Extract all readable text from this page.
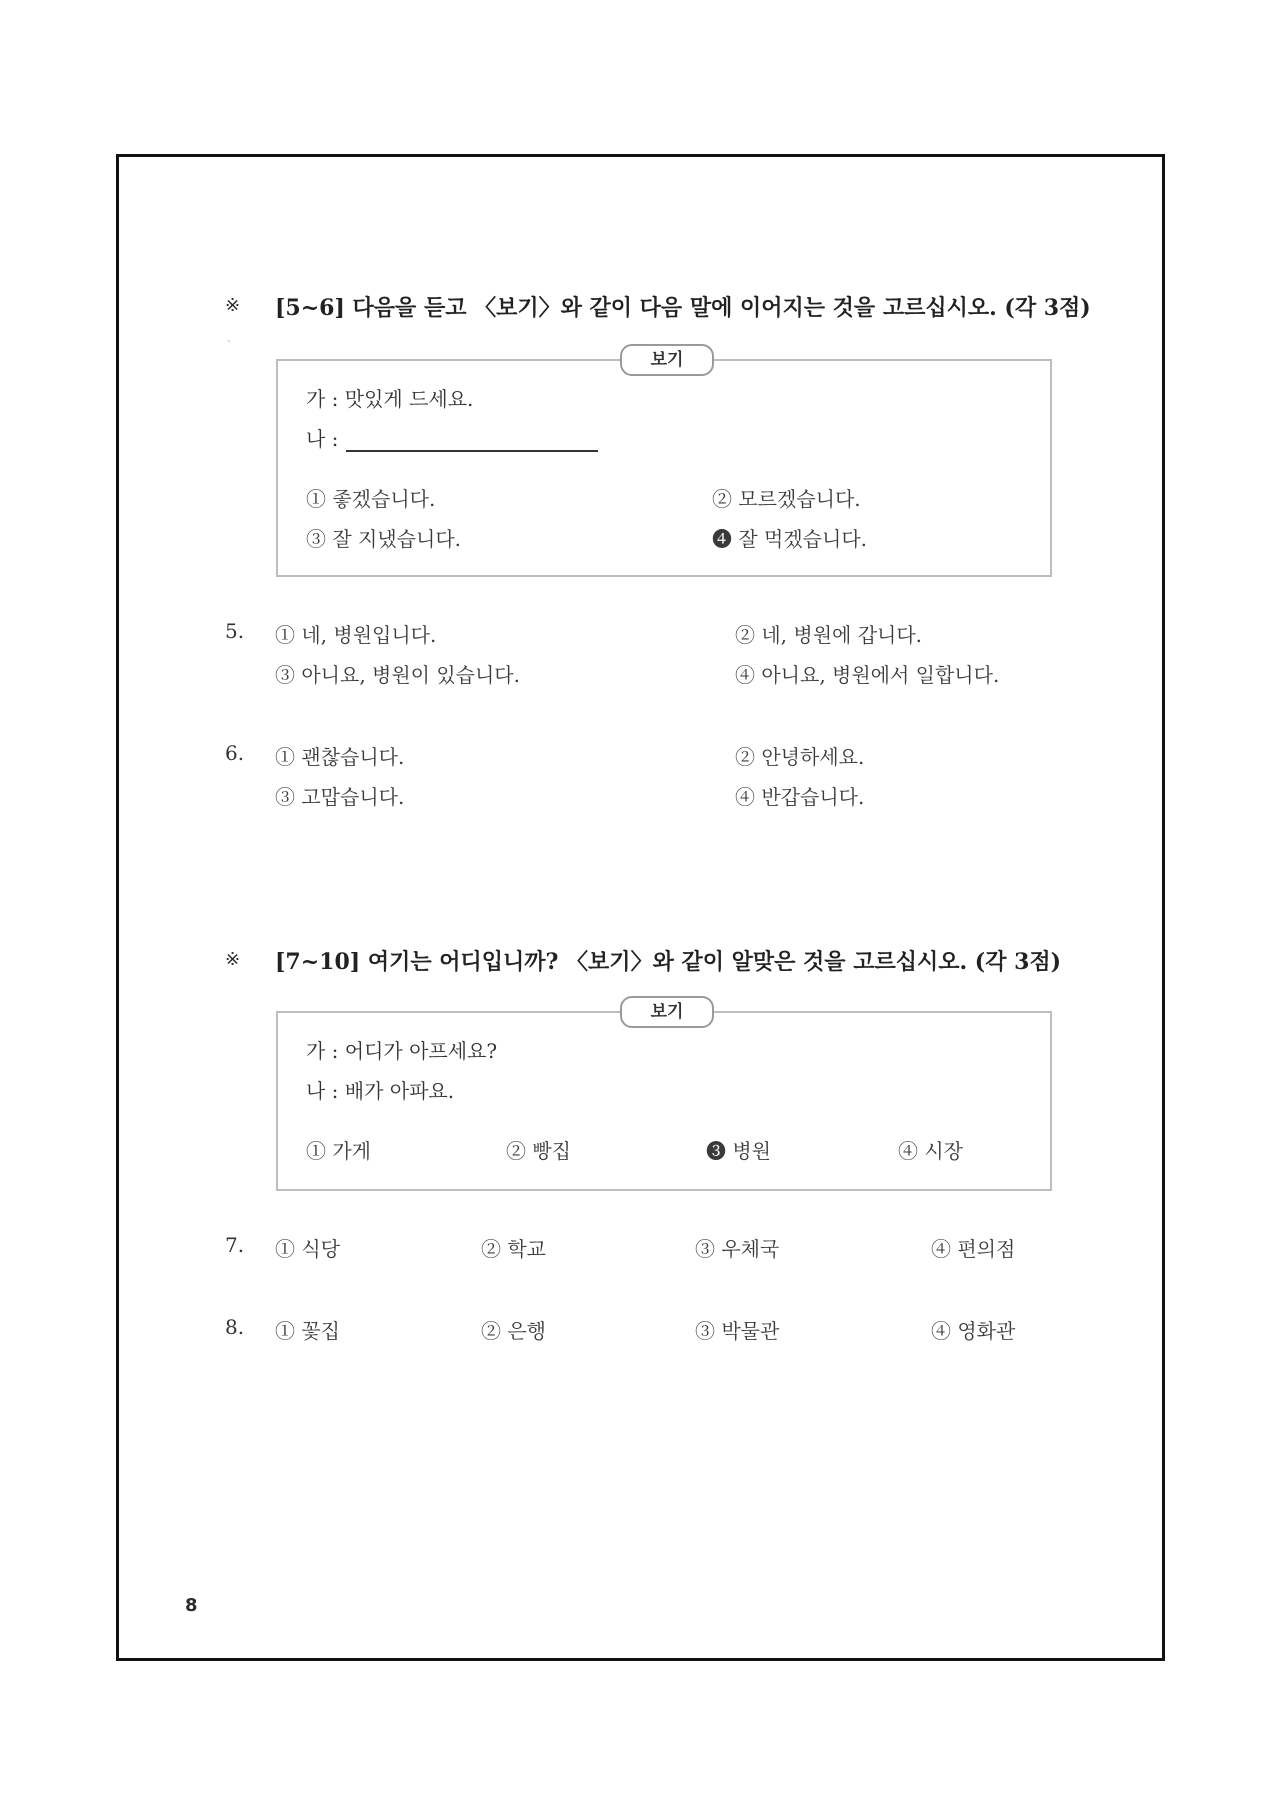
※ [5~6] 다음을 듣고 〈보기〉와 같이 다음 말에 이어지는 것을 고르십시오. (각 3점)
`
가 : 맛있게 드세요.
나 :
① 좋겠습니다.	② 모르겠습니다.
③ 잘 지냈습니다.	❹ 잘 먹겠습니다.
보기
5. ① 네, 병원입니다.	② 네, 병원에 갑니다.
③ 아니요, 병원이 있습니다.	④ 아니요, 병원에서 일합니다.
6. ① 괜찮습니다.	② 안녕하세요.
③ 고맙습니다.	④ 반갑습니다.
※ [7~10] 여기는 어디입니까? 〈보기〉와 같이 알맞은 것을 고르십시오. (각 3점)
가 : 어디가 아프세요?
나 : 배가 아파요.
① 가게	② 빵집	❸ 병원	④ 시장
보기
7. ① 식당	② 학교	③ 우체국	④ 편의점
8. ① 꽃집	② 은행	③ 박물관	④ 영화관
8
